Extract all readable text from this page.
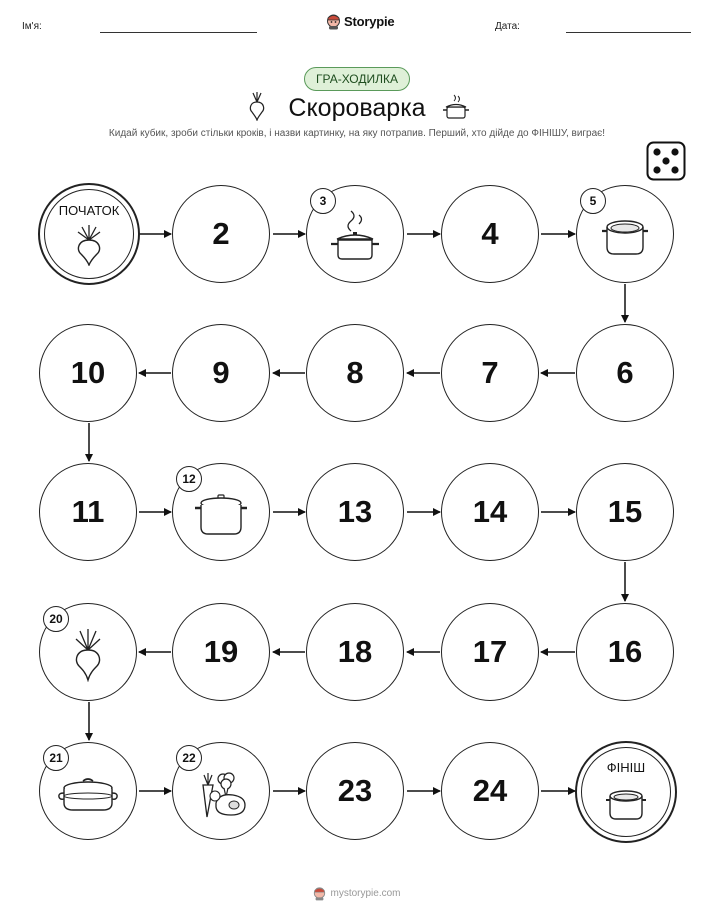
Ім'я:	Storypie	Дата:
ГРА-ХОДИЛКА
Скороварка
Кидай кубик, зроби стільки кроків, і назви картинку, на яку потрапив. Перший, хто дійде до ФІНІШУ, виграє!
ПОЧАТОК
2
3
4
5
6
7
8
9
10
11
12
13	14	15
16
17
18
19
20
21	22
23	24
ФІНІШ
mystorypie.com
